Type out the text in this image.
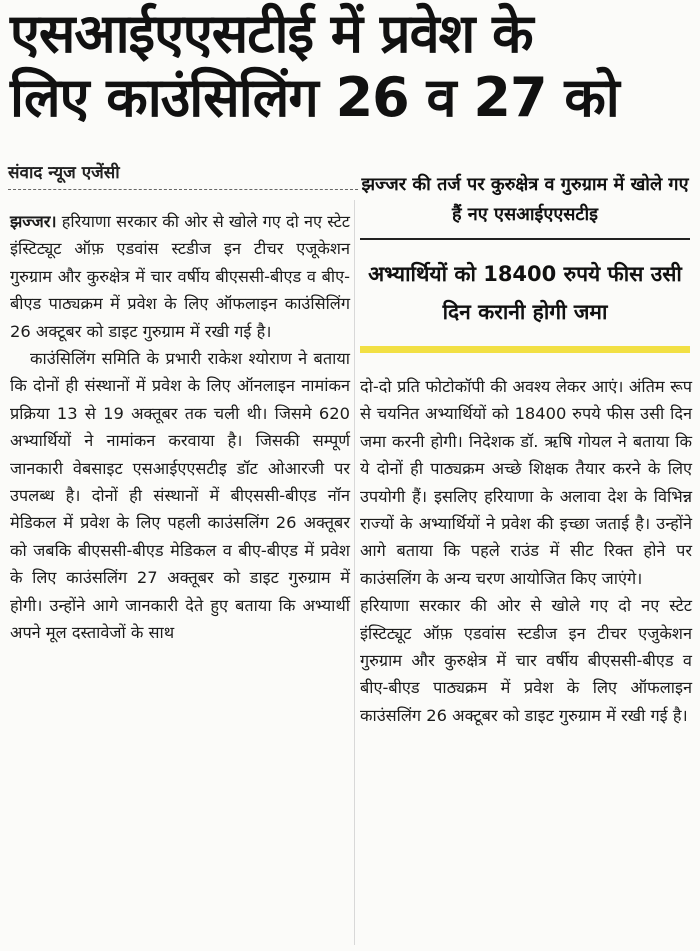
एसआईएएसटीई में प्रवेश के
लिए काउंसिलिंग 26 व 27 को
संवाद न्यूज एजेंसी

झज्जर। हरियाणा सरकार की ओर से खोले गए दो नए स्टेट इंस्टिट्यूट ऑफ़ एडवांस स्टडीज इन टीचर एजूकेशन गुरुग्राम और कुरुक्षेत्र में चार वर्षीय बीएससी-बीएड व बीए-बीएड पाठ्यक्रम में प्रवेश के लिए ऑफलाइन काउंसिलिंग 26 अक्टूबर को डाइट गुरुग्राम में रखी गई है।

काउंसिलिंग समिति के प्रभारी राकेश श्योराण ने बताया कि दोनों ही संस्थानों में प्रवेश के लिए ऑनलाइन नामांकन प्रक्रिया 13 से 19 अक्तूबर तक चली थी। जिसमे 620 अभ्यार्थियों ने नामांकन करवाया है। जिसकी सम्पूर्ण जानकारी वेबसाइट एसआईएएसटीइ डॉट ओआरजी पर उपलब्ध है। दोनों ही संस्थानों में बीएससी-बीएड नॉन मेडिकल में प्रवेश के लिए पहली काउंसलिंग 26 अक्तूबर को जबकि बीएससी-बीएड मेडिकल व बीए-बीएड में प्रवेश के लिए काउंसलिंग 27 अक्तूबर को डाइट गुरुग्राम में होगी। उन्होंने आगे जानकारी देते हुए बताया कि अभ्यार्थी अपने मूल दस्तावेजों के साथ

झज्जर की तर्ज पर कुरुक्षेत्र व गुरुग्राम में खोले गए हैं नए एसआईएएसटीइ
अभ्यार्थियों को 18400 रुपये फीस उसी दिन करानी होगी जमा

दो-दो प्रति फोटोकॉपी की अवश्य लेकर आएं। अंतिम रूप से चयनित अभ्यार्थियों को 18400 रुपये फीस उसी दिन जमा करनी होगी। निदेशक डॉ. ऋषि गोयल ने बताया कि ये दोनों ही पाठ्यक्रम अच्छे शिक्षक तैयार करने के लिए उपयोगी हैं। इसलिए हरियाणा के अलावा देश के विभिन्न राज्यों के अभ्यार्थियों ने प्रवेश की इच्छा जताई है। उन्होंने आगे बताया कि पहले राउंड में सीट रिक्त होने पर काउंसलिंग के अन्य चरण आयोजित किए जाएंगे।

हरियाणा सरकार की ओर से खोले गए दो नए स्टेट इंस्टिट्यूट ऑफ़ एडवांस स्टडीज इन टीचर एजुकेशन गुरुग्राम और कुरुक्षेत्र में चार वर्षीय बीएससी-बीएड व बीए-बीएड पाठ्यक्रम में प्रवेश के लिए ऑफलाइन काउंसलिंग 26 अक्टूबर को डाइट गुरुग्राम में रखी गई है।
